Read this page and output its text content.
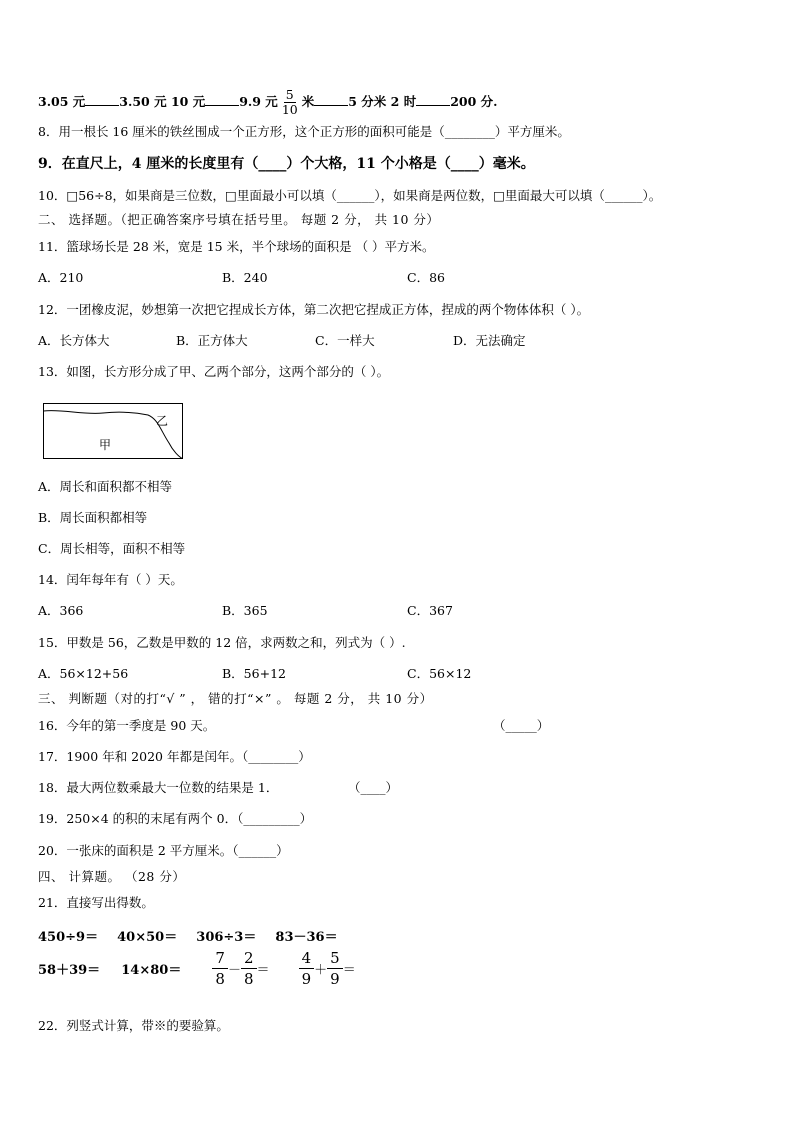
3.05 元	3.50 元 10 元	9.9 元 $\frac{5}{10}$ 米	5 分米 2 时	200 分.
8．用一根长 16 厘米的铁丝围成一个正方形，这个正方形的面积可能是（________）平方厘米。
9．在直尺上，4 厘米的长度里有（____）个大格，11 个小格是（____）毫米。
10．□56÷8，如果商是三位数，□里面最小可以填（______），如果商是两位数，□里面最大可以填（______）。
二、 选择题。（把正确答案序号填在括号里。 每题 2 分， 共 10 分）
11．篮球场长是 28 米，宽是 15 米，半个球场的面积是 （ ）平方米。
A．210	B．240	C．86
12．一团橡皮泥，妙想第一次把它捏成长方体，第二次把它捏成正方体，捏成的两个物体体积（ ）。
A．长方体大	B．正方体大	C．一样大	D．无法确定
13．如图，长方形分成了甲、乙两个部分，这两个部分的（ ）。
甲
乙
A．周长和面积都不相等
B．周长面积都相等
C．周长相等，面积不相等
14．闰年每年有（ ）天。
A．366	B．365	C．367
15．甲数是 56，乙数是甲数的 12 倍，求两数之和，列式为（ ）.
A．56×12+56	B．56+12	C．56×12
三、 判断题（对的打“√ ” ， 错的打“×” 。 每题 2 分， 共 10 分）
16．今年的第一季度是 90 天。	（_____）
17．1900 年和 2020 年都是闰年。（________）
18．最大两位数乘最大一位数的结果是 1．	（____）
19．250×4 的积的末尾有两个 0．（_________）
20．一张床的面积是 2 平方厘米。（______）
四、 计算题。 （28 分）
21．直接写出得数。
450÷9＝ 40×50＝ 306÷3＝ 83－36＝
$58+39= 14\times 80= \frac{7}{8} - \frac{2}{8} = \frac{4}{9} + \frac{5}{9}$ ＝
22．列竖式计算，带※的要验算。
